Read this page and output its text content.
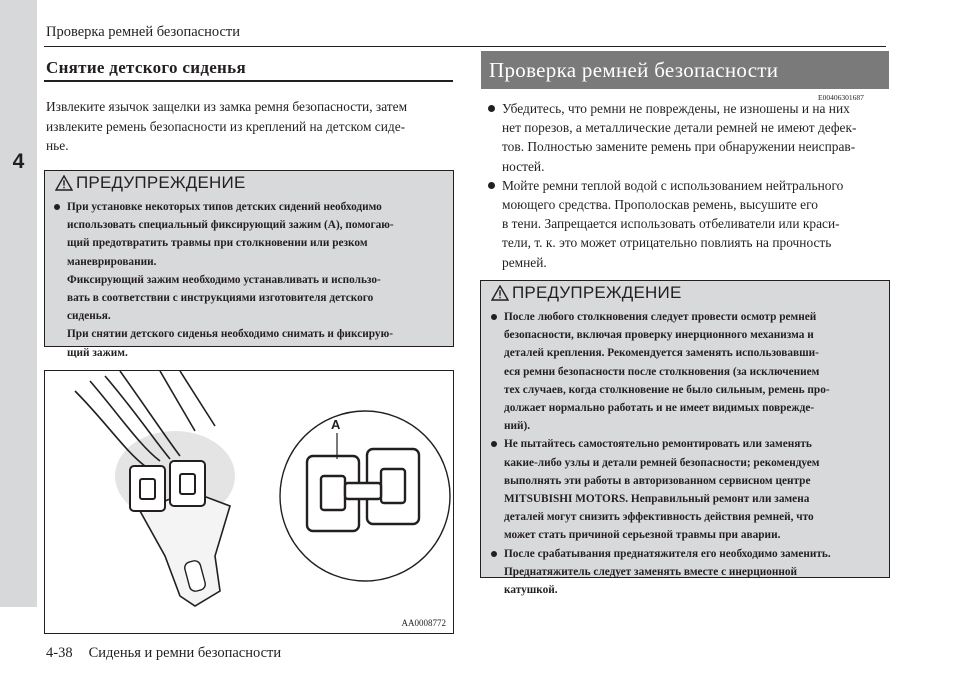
4
Проверка ремней безопасности
Снятие детского сиденья
Извлеките язычок защелки из замка ремня безопасности, затем
извлеките ремень безопасности из креплений на детском сиде-
нье.
ПРЕДУПРЕЖДЕНИЕ
При установке некоторых типов детских сидений необходимо
использовать специальный фиксирующий зажим (A), помогаю-
щий предотвратить травмы при столкновении или резком
маневрировании.
Фиксирующий зажим необходимо устанавливать и использо-
вать в соответствии с инструкциями изготовителя детского
сиденья.
При снятии детского сиденья необходимо снимать и фиксирую-
щий зажим.
A
AA0008772
Проверка ремней безопасности
E00406301687
Убедитесь, что ремни не повреждены, не изношены и на них
нет порезов, а металлические детали ремней не имеют дефек-
тов. Полностью замените ремень при обнаружении неисправ-
ностей.
Мойте ремни теплой водой с использованием нейтрального
моющего средства. Прополоскав ремень, высушите его
в тени. Запрещается использовать отбеливатели или краси-
тели, т. к. это может отрицательно повлиять на прочность
ремней.
ПРЕДУПРЕЖДЕНИЕ
После любого столкновения следует провести осмотр ремней
безопасности, включая проверку инерционного механизма и
деталей крепления. Рекомендуется заменять использовавши-
еся ремни безопасности после столкновения (за исключением
тех случаев, когда столкновение не было сильным, ремень про-
должает нормально работать и не имеет видимых поврежде-
ний).
Не пытайтесь самостоятельно ремонтировать или заменять
какие-либо узлы и детали ремней безопасности; рекомендуем
выполнять эти работы в авторизованном сервисном центре
MITSUBISHI MOTORS. Неправильный ремонт или замена
деталей могут снизить эффективность действия ремней, что
может стать причиной серьезной травмы при аварии.
После срабатывания преднатяжителя его необходимо заменить.
Преднатяжитель следует заменять вместе с инерционной
катушкой.
4-38 Сиденья и ремни безопасности
